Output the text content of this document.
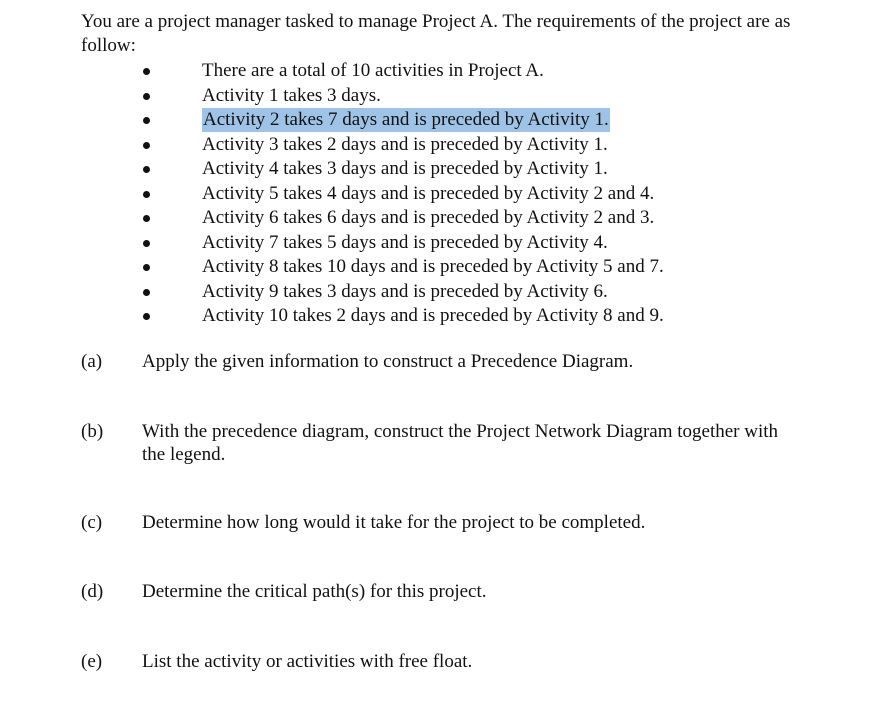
You are a project manager tasked to manage Project A. The requirements of the project are as follow:
There are a total of 10 activities in Project A.
Activity 1 takes 3 days.
Activity 2 takes 7 days and is preceded by Activity 1.
Activity 3 takes 2 days and is preceded by Activity 1.
Activity 4 takes 3 days and is preceded by Activity 1.
Activity 5 takes 4 days and is preceded by Activity 2 and 4.
Activity 6 takes 6 days and is preceded by Activity 2 and 3.
Activity 7 takes 5 days and is preceded by Activity 4.
Activity 8 takes 10 days and is preceded by Activity 5 and 7.
Activity 9 takes 3 days and is preceded by Activity 6.
Activity 10 takes 2 days and is preceded by Activity 8 and 9.
(a) Apply the given information to construct a Precedence Diagram.
(b) With the precedence diagram, construct the Project Network Diagram together with the legend.
(c) Determine how long would it take for the project to be completed.
(d) Determine the critical path(s) for this project.
(e) List the activity or activities with free float.
